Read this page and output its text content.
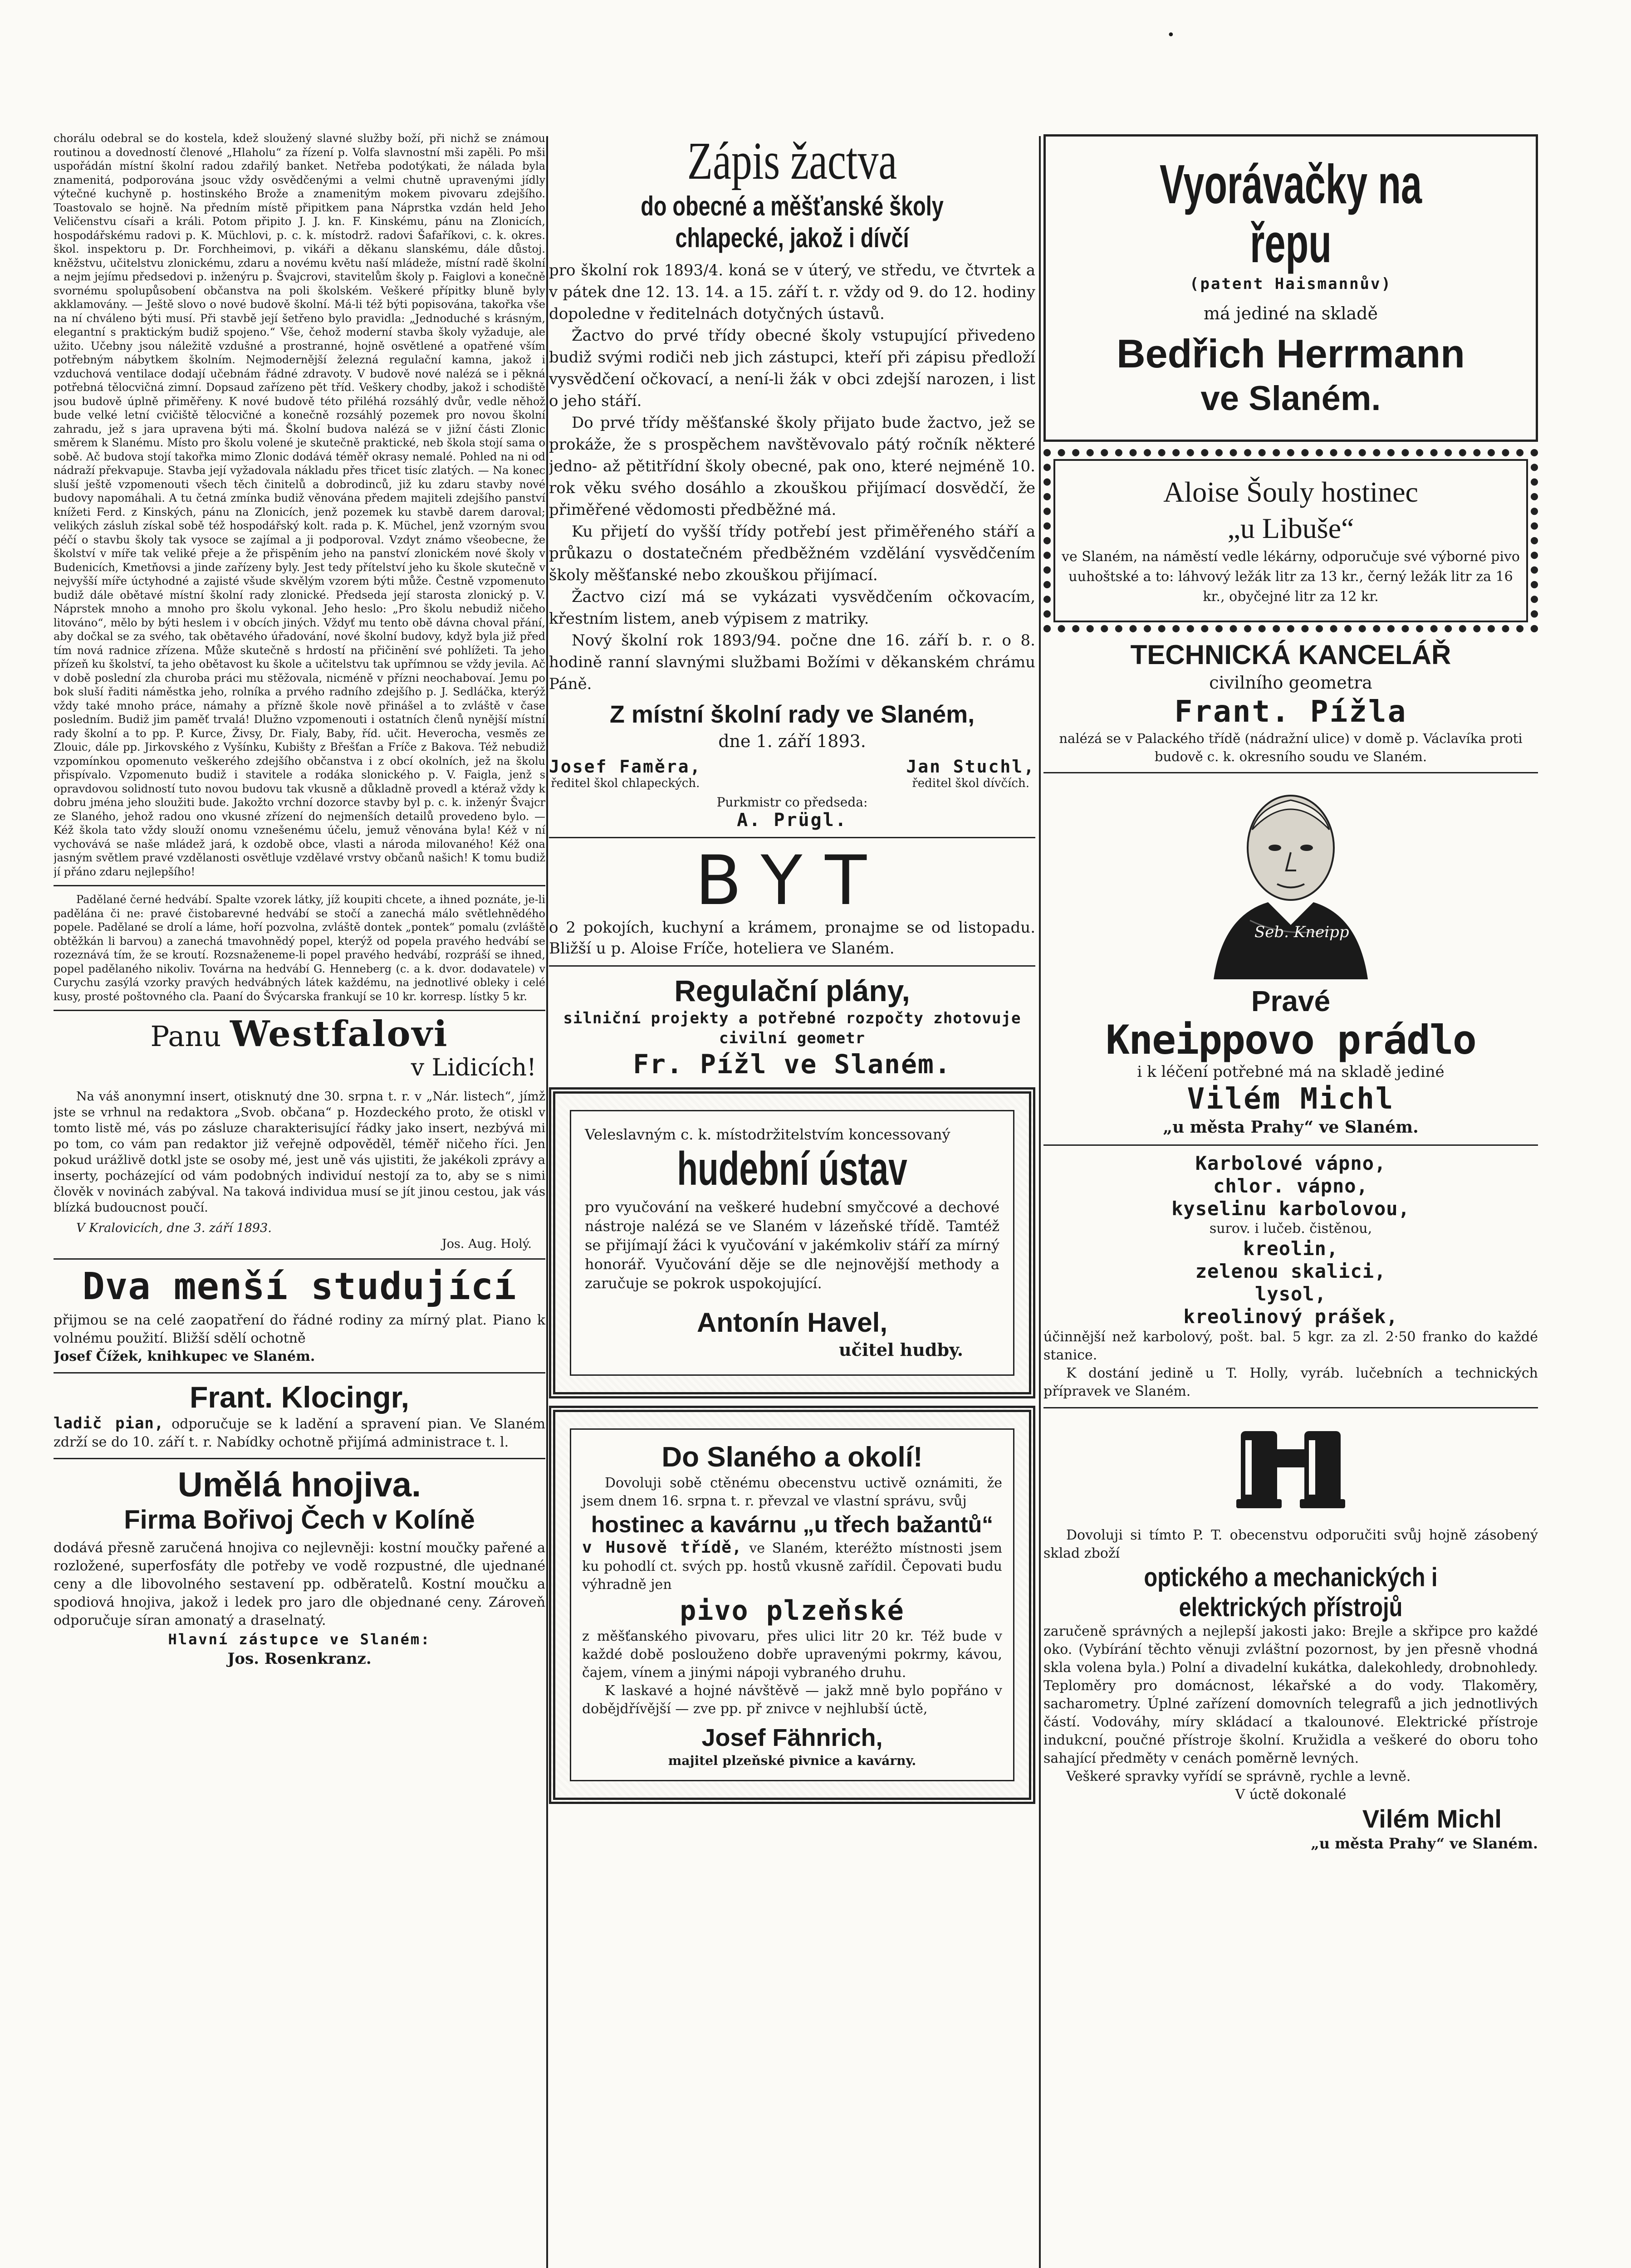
•

chorálu odebral se do kostela, kdež sloužený slavné služby boží, při nichž se známou routinou a dovedností členové „Hlaholu“ za řízení p. Volfa slavnostní mši zapěli. Po mši uspořádán místní školní radou zdařilý banket. Netřeba podotýkati, že nálada byla znamenitá, podporována jsouc vždy osvědčenými a velmi chutně upravenými jídly výtečné kuchyně p. hostinského Brože a znamenitým mokem pivovaru zdejšího. Toastovalo se hojně. Na předním místě připitkem pana Náprstka vzdán held Jeho Veličenstvu císaři a králi. Potom připito J. J. kn. F. Kinskému, pánu na Zlonicích, hospodářskému radovi p. K. Müchlovi, p. c. k. místodrž. radovi Šafaříkovi, c. k. okres. škol. inspektoru p. Dr. Forchheimovi, p. vikáři a děkanu slanskému, dále důstoj. kněžstvu, učitelstvu zlonickému, zdaru a novému květu naší mládeže, místní radě školní a nejm jejímu předsedovi p. inženýru p. Švajcrovi, stavitelům školy p. Faiglovi a konečně svornému spolupůsobení občanstva na poli školském. Veškeré přípitky bluně byly akklamovány. — Ještě slovo o nové budově školní. Má-li též býti popisována, takořka vše na ní chváleno býti musí. Při stavbě její šetřeno bylo pravidla: „Jednoduché s krásným, elegantní s praktickým budiž spojeno.“ Vše, čehož moderní stavba školy vyžaduje, ale užito. Učebny jsou náležitě vzdušné a prostranné, hojně osvětlené a opatřené vším potřebným nábytkem školním. Nejmodernější železná regulační kamna, jakož i vzduchová ventilace dodají učebnám řádné zdravoty. V budově nové nalézá se i pěkná potřebná tělocvičná zimní. Dopsaud zařízeno pět tříd. Veškery chodby, jakož i schodiště jsou budově úplně přiměřeny. K nové budově této přiléhá rozsáhlý dvůr, vedle něhož bude velké letní cvičiště tělocvičné a konečně rozsáhlý pozemek pro novou školní zahradu, jež s jara upravena býti má. Školní budova nalézá se v jižní části Zlonic směrem k Slanému. Místo pro školu volené je skutečně praktické, neb škola stojí sama o sobě. Ač budova stojí takořka mimo Zlonic dodává téměř okrasy nemalé. Pohled na ni od nádraží překvapuje. Stavba její vyžadovala nákladu přes třicet tisíc zlatých. — Na konec sluší ještě vzpomenouti všech těch činitelů a dobrodinců, již ku zdaru stavby nové budovy napomáhali. A tu četná zmínka budiž věnována předem majiteli zdejšího panství knížeti Ferd. z Kinských, pánu na Zlonicích, jenž pozemek ku stavbě darem daroval; velikých zásluh získal sobě též hospodářský kolt. rada p. K. Müchel, jenž vzorným svou péčí o stavbu školy tak vysoce se zajímal a ji podporoval. Vzdyt známo všeobecne, že školství v míře tak veliké přeje a že přispěním jeho na panství zlonickém nové školy v Budenicích, Kmetňovsi a jinde zařízeny byly. Jest tedy přítelství jeho ku škole skutečně v nejvyšší míře úctyhodné a zajisté všude skvělým vzorem býti může. Čestně vzpomenuto budiž dále obětavé místní školní rady zlonické. Předseda její starosta zlonický p. V. Náprstek mnoho a mnoho pro školu vykonal. Jeho heslo: „Pro školu nebudiž ničeho litováno“, mělo by býti heslem i v obcích jiných. Vždyť mu tento obě dávna choval přání, aby dočkal se za svého, tak obětavého úřadování, nové školní budovy, když byla již před tím nová radnice zřízena. Může skutečně s hrdostí na přičinění své pohlížeti. Ta jeho přízeň ku školství, ta jeho obětavost ku škole a učitelstvu tak upřímnou se vždy jevila. Ač v době poslední zla churoba práci mu stěžovala, nicméně v přízni neochabovaí. Jemu po bok sluší řaditi náměstka jeho, rolníka a prvého radního zdejšího p. J. Sedláčka, kterýž vždy také mnoho práce, námahy a přízně škole nově přinášel a to zvláště v čase posledním. Budiž jim paměť trvalá! Dlužno vzpomenouti i ostatních členů nynější místní rady školní a to pp. P. Kurce, Živsy, Dr. Fialy, Baby, říd. učit. Heverocha, vesměs ze Zlouic, dále pp. Jirkovského z Vyšínku, Kubišty z Břešťan a Fríče z Bakova. Též nebudiž vzpomínkou opomenuto veškerého zdejšího občanstva i z obcí okolních, jež na školu přispívalo. Vzpomenuto budiž i stavitele a rodáka slonického p. V. Faigla, jenž s opravdovou solidností tuto novou budovu tak vkusně a důkladně provedl a ktéraž vždy k dobru jména jeho sloužiti bude. Jakožto vrchní dozorce stavby byl p. c. k. inženýr Švajcr ze Slaného, jehož radou ono vkusné zřízení do nejmenších detailů provedeno bylo. — Kéž škola tato vždy slouží onomu vznešenému účelu, jemuž věnována byla! Kéž v ní vychovává se naše mládež jará, k ozdobě obce, vlasti a národa milovaného! Kéž ona jasným světlem pravé vzdělanosti osvětluje vzdělavé vrstvy občanů našich! K tomu budiž jí přáno zdaru nejlepšího!

Padělané černé hedvábí. Spalte vzorek látky, jíž koupiti chcete, a ihned poznáte, je-li padělána či ne: pravé čistobarevné hedvábí se stočí a zanechá málo světlehnědého popele. Padělané se drolí a láme, hoří pozvolna, zvláště dontek „pontek“ pomalu (zvláště obtěžkán li barvou) a zanechá tmavohnědý popel, kterýž od popela pravého hedvábí se rozeznává tím, že se kroutí. Rozsnaženeme-li popel pravého hedvábí, rozpráší se ihned, popel padělaného nikoliv. Továrna na hedvábí G. Henneberg (c. a k. dvor. dodavatele) v Curychu zasýlá vzorky pravých hedvábných látek každému, na jednotlivé obleky i celé kusy, prosté poštovného cla. Paaní do Švýcarska frankují se 10 kr. korresp. lístky 5 kr.

Panu Westfalovi
v Lidicích!

Na váš anonymní insert, otisknutý dne 30. srpna t. r. v „Nár. listech“, jímž jste se vrhnul na redaktora „Svob. občana“ p. Hozdeckého proto, že otiskl v tomto listě mé, vás po zásluze charakterisující řádky jako insert, nezbývá mi po tom, co vám pan redaktor již veřejně odpověděl, téměř ničeho říci. Jen pokud urážlivě dotkl jste se osoby mé, jest uně vás ujistiti, že jakékoli zprávy a inserty, pocházející od vám podobných individuí nestojí za to, aby se s nimi člověk v novinách zabýval. Na taková individua musí se jít jinou cestou, jak vás blízká budoucnost poučí.

V Kralovicích, dne 3. září 1893.

Jos. Aug. Holý.

Dva menší studující

přijmou se na celé zaopatření do řádné rodiny za mírný plat. Piano k volnému použití. Bližší sdělí ochotně

Josef Čížek, knihkupec ve Slaném.

Frant. Klocingr,

ladič pian, odporučuje se k ladění a spravení pian. Ve Slaném zdrží se do 10. září t. r. Nabídky ochotně přijímá administrace t. l.

Umělá hnojiva.
Firma Bořivoj Čech v Kolíně

dodává přesně zaručená hnojiva co nejlevněji: kostní moučky pařené a rozložené, superfosfáty dle potřeby ve vodě rozpustné, dle ujednané ceny a dle libovolného sestavení pp. odběratelů. Kostní moučku a spodiová hnojiva, jakož i ledek pro jaro dle objednané ceny. Zároveň odporučuje síran amonatý a draselnatý.

Hlavní zástupce ve Slaném:

Jos. Rosenkranz.

Zápis žactva
do obecné a měšťanské školy
chlapecké, jakož i dívčí

pro školní rok 1893/4. koná se v úterý, ve středu, ve čtvrtek a v pátek dne 12. 13. 14. a 15. září t. r. vždy od 9. do 12. hodiny dopoledne v ředitelnách dotyčných ústavů.

Žactvo do prvé třídy obecné školy vstupující přivedeno budiž svými rodiči neb jich zástupci, kteří při zápisu předloží vysvědčení očkovací, a není-li žák v obci zdejší narozen, i list o jeho stáří.

Do prvé třídy měšťanské školy přijato bude žactvo, jež se prokáže, že s prospěchem navštěvovalo pátý ročník některé jedno- až pětitřídní školy obecné, pak ono, které nejméně 10. rok věku svého dosáhlo a zkouškou přijímací dosvědčí, že přiměřené vědomosti předběžné má.

Ku přijetí do vyšší třídy potřebí jest přiměřeného stáří a průkazu o dostatečném předběžném vzdělání vysvědčením školy měšťanské nebo zkouškou přijímací.

Žactvo cizí má se vykázati vysvědčením očkovacím, křestním listem, aneb výpisem z matriky.

Nový školní rok 1893/94. počne dne 16. září b. r. o 8. hodině ranní slavnými službami Božími v děkanském chrámu Páně.

Z místní školní rady ve Slaném,
dne 1. září 1893.
Josef Faměra,
ředitel škol chlapeckých.
Jan Stuchl,
ředitel škol dívčích.
Purkmistr co předseda:
A. Prügl.
BYT

o 2 pokojích, kuchyní a krámem, pronajme se od listopadu. Bližší u p. Aloise Fríče, hoteliera ve Slaném.

Regulační plány,

silniční projekty a potřebné rozpočty zhotovuje civilní geometr

Fr. Pížl ve Slaném.

Veleslavným c. k. místodržitelstvím koncessovaný

hudební ústav

pro vyučování na veškeré hudební smyčcové a dechové nástroje nalézá se ve Slaném v lázeňské třídě. Tamtéž se přijímají žáci k vyučování v jakémkoliv stáří za mírný honorář. Vyučování děje se dle nejnovější methody a zaručuje se pokrok uspokojující.

Antonín Havel,
učitel hudby.
Do Slaného a okolí!

Dovoluji sobě ctěnému obecenstvu uctivě oznámiti, že jsem dnem 16. srpna t. r. převzal ve vlastní správu, svůj

hostinec a kavárnu „u třech bažantů“

v Husově třídě, ve Slaném, kteréžto místnosti jsem ku pohodlí ct. svých pp. hostů vkusně zařídil. Čepovati budu výhradně jen

pivo plzeňské

z měšťanského pivovaru, přes ulici litr 20 kr. Též bude v každé době poslouženo dobře upravenými pokrmy, kávou, čajem, vínem a jinými nápoji vybraného druhu.

K laskavé a hojné návštěvě — jakž mně bylo popřáno v dobějdřívější — zve pp. př znivce v nejhlubší úctě,

Josef Fähnrich,
majitel plzeňské pivnice a kavárny.
Vyorávačky na řepu
(patent Haismannův)
má jediné na skladě
Bedřich Herrmann
ve Slaném.
Aloise Šouly hostinec
„u Libuše“

ve Slaném, na náměstí vedle lékárny, odporučuje své výborné pivo uuhoštské a to: láhvový ležák litr za 13 kr., černý ležák litr za 16 kr., obyčejné litr za 12 kr.

TECHNICKÁ KANCELÁŘ
civilního geometra
Frant. Pížla

nalézá se v Palackého třídě (nádražní ulice) v domě p. Václavíka proti budově c. k. okresního soudu ve Slaném.

Seb. Kneipp
Pravé
Kneippovo prádlo

i k léčení potřebné má na skladě jediné

Vilém Michl
„u města Prahy“ ve Slaném.
Karbolové vápno,
chlor. vápno,
kyselinu karbolovou,
surov. i lučeb. čistěnou,
kreolin,
zelenou skalici,
lysol,
kreolinový prášek,

účinnější než karbolový, pošt. bal. 5 kgr. za zl. 2·50 franko do každé stanice.

K dostání jedině u T. Holly, vyráb. lučebních a technických přípravek ve Slaném.

Dovoluji si tímto P. T. obecenstvu odporučiti svůj hojně zásobený sklad zboží

optického a mechanických i elektrických přístrojů

zaručeně správných a nejlepší jakosti jako: Brejle a skřipce pro každé oko. (Vybírání těchto věnuji zvláštní pozornost, by jen přesně vhodná skla volena byla.) Polní a divadelní kukátka, dalekohledy, drobnohledy. Teploměry pro domácnost, lékařské a do vody. Tlakoměry, sacharometry. Úplné zařízení domovních telegrafů a jich jednotlivých částí. Vodováhy, míry skládací a tkalounové. Elektrické přístroje indukcní, poučné přístroje školní. Kružidla a veškeré do oboru toho sahající předměty v cenách poměrně levných.

Veškeré spravky vyřídí se správně, rychle a levně.

V úctě dokonalé

Vilém Michl
„u města Prahy“ ve Slaném.
